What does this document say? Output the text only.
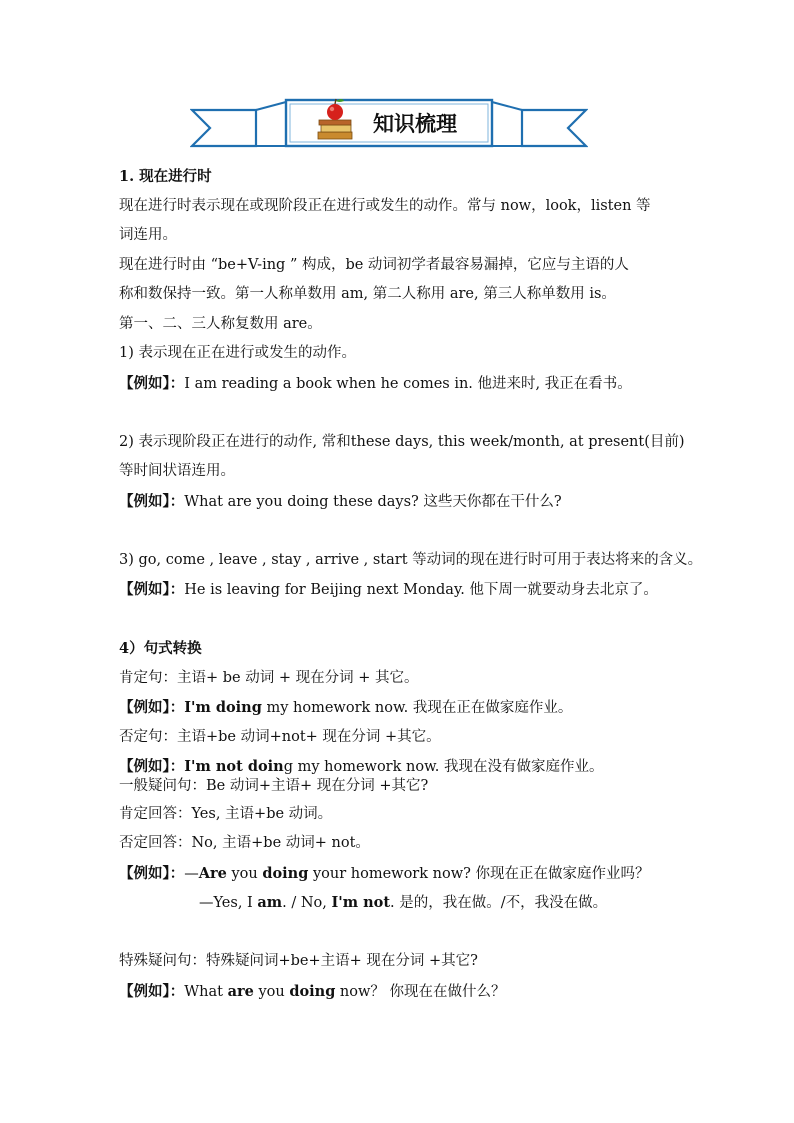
知识梳理
1. 现在进行时
现在进行时表示现在或现阶段正在进行或发生的动作。常与 now，look，listen 等
词连用。
现在进行时由 “be+V-ing ” 构成，be 动词初学者最容易漏掉，它应与主语的人
称和数保持一致。第一人称单数用 am, 第二人称用 are, 第三人称单数用 is。
第一、二、三人称复数用 are。
1) 表示现在正在进行或发生的动作。
【例如】：I am reading a book when he comes in. 他进来时, 我正在看书。
2) 表示现阶段正在进行的动作, 常和these days, this week/month, at present(目前)
等时间状语连用。
【例如】：What are you doing these days? 这些天你都在干什么?
3) go, come , leave , stay , arrive , start 等动词的现在进行时可用于表达将来的含义。
【例如】：He is leaving for Beijing next Monday. 他下周一就要动身去北京了。
4）句式转换
肯定句：主语+ be 动词 + 现在分词 + 其它。
【例如】：I'm doing my homework now. 我现在正在做家庭作业。
否定句：主语+be 动词+not+ 现在分词 +其它。
【例如】：I'm not doing my homework now. 我现在没有做家庭作业。
一般疑问句：Be 动词+主语+ 现在分词 +其它?
肯定回答：Yes, 主语+be 动词。
否定回答：No, 主语+be 动词+ not。
【例如】：—Are you doing your homework now? 你现在正在做家庭作业吗？
—Yes, I am. / No, I'm not. 是的，我在做。/不，我没在做。
特殊疑问句：特殊疑问词+be+主语+ 现在分词 +其它?
【例如】：What are you doing now？ 你现在在做什么？
